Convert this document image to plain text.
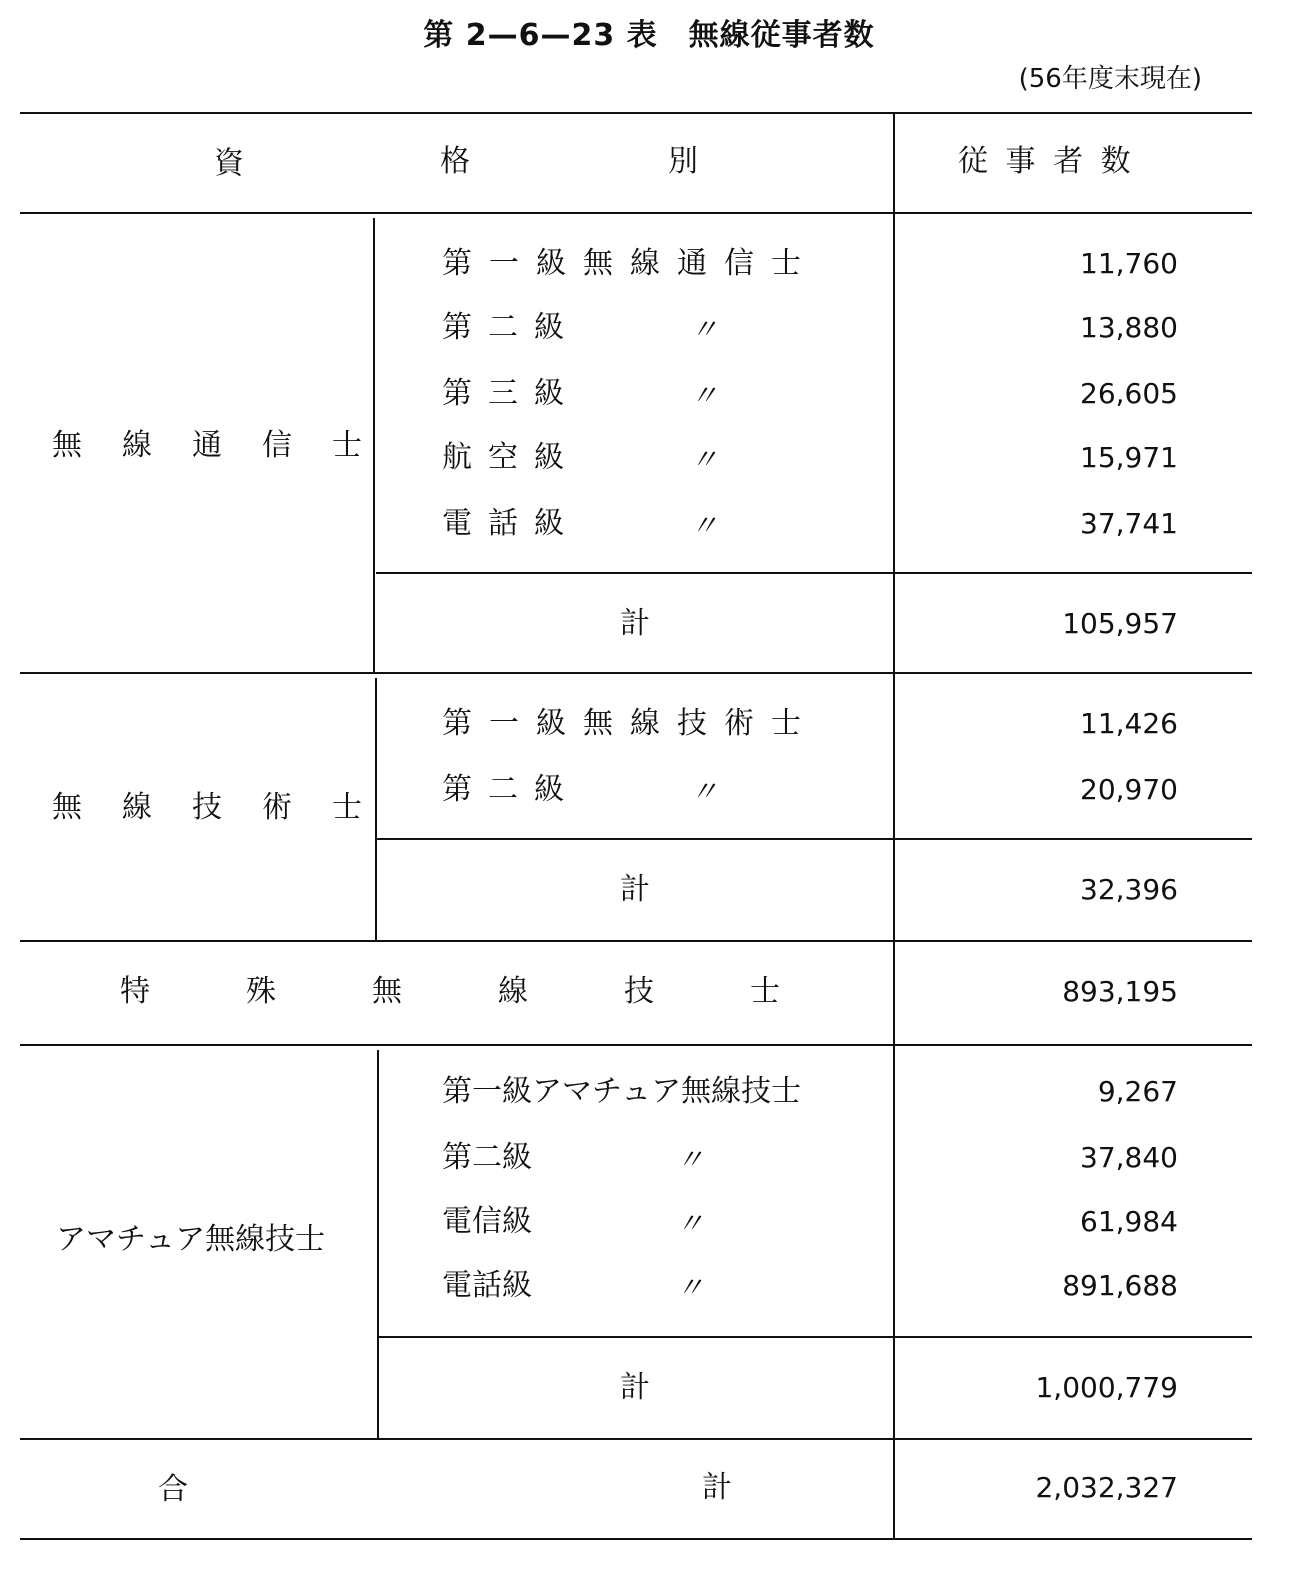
第 2—6—23 表　無線従事者数
(56年度末現在)
資	格	別	従 事 者 数
無線通信士
第一級無線通信士	11,760
第二級	〃	13,880
第三級	〃	26,605
航空級	〃	15,971
電話級	〃	37,741
計	105,957
無線技術士
第一級無線技術士	11,426
第二級	〃	20,970
計	32,396
特殊無線技士	893,195
アマチュア無線技士
第一級アマチュア無線技士	9,267
第二級	〃	37,840
電信級	〃	61,984
電話級	〃	891,688
計	1,000,779
合	計	2,032,327
